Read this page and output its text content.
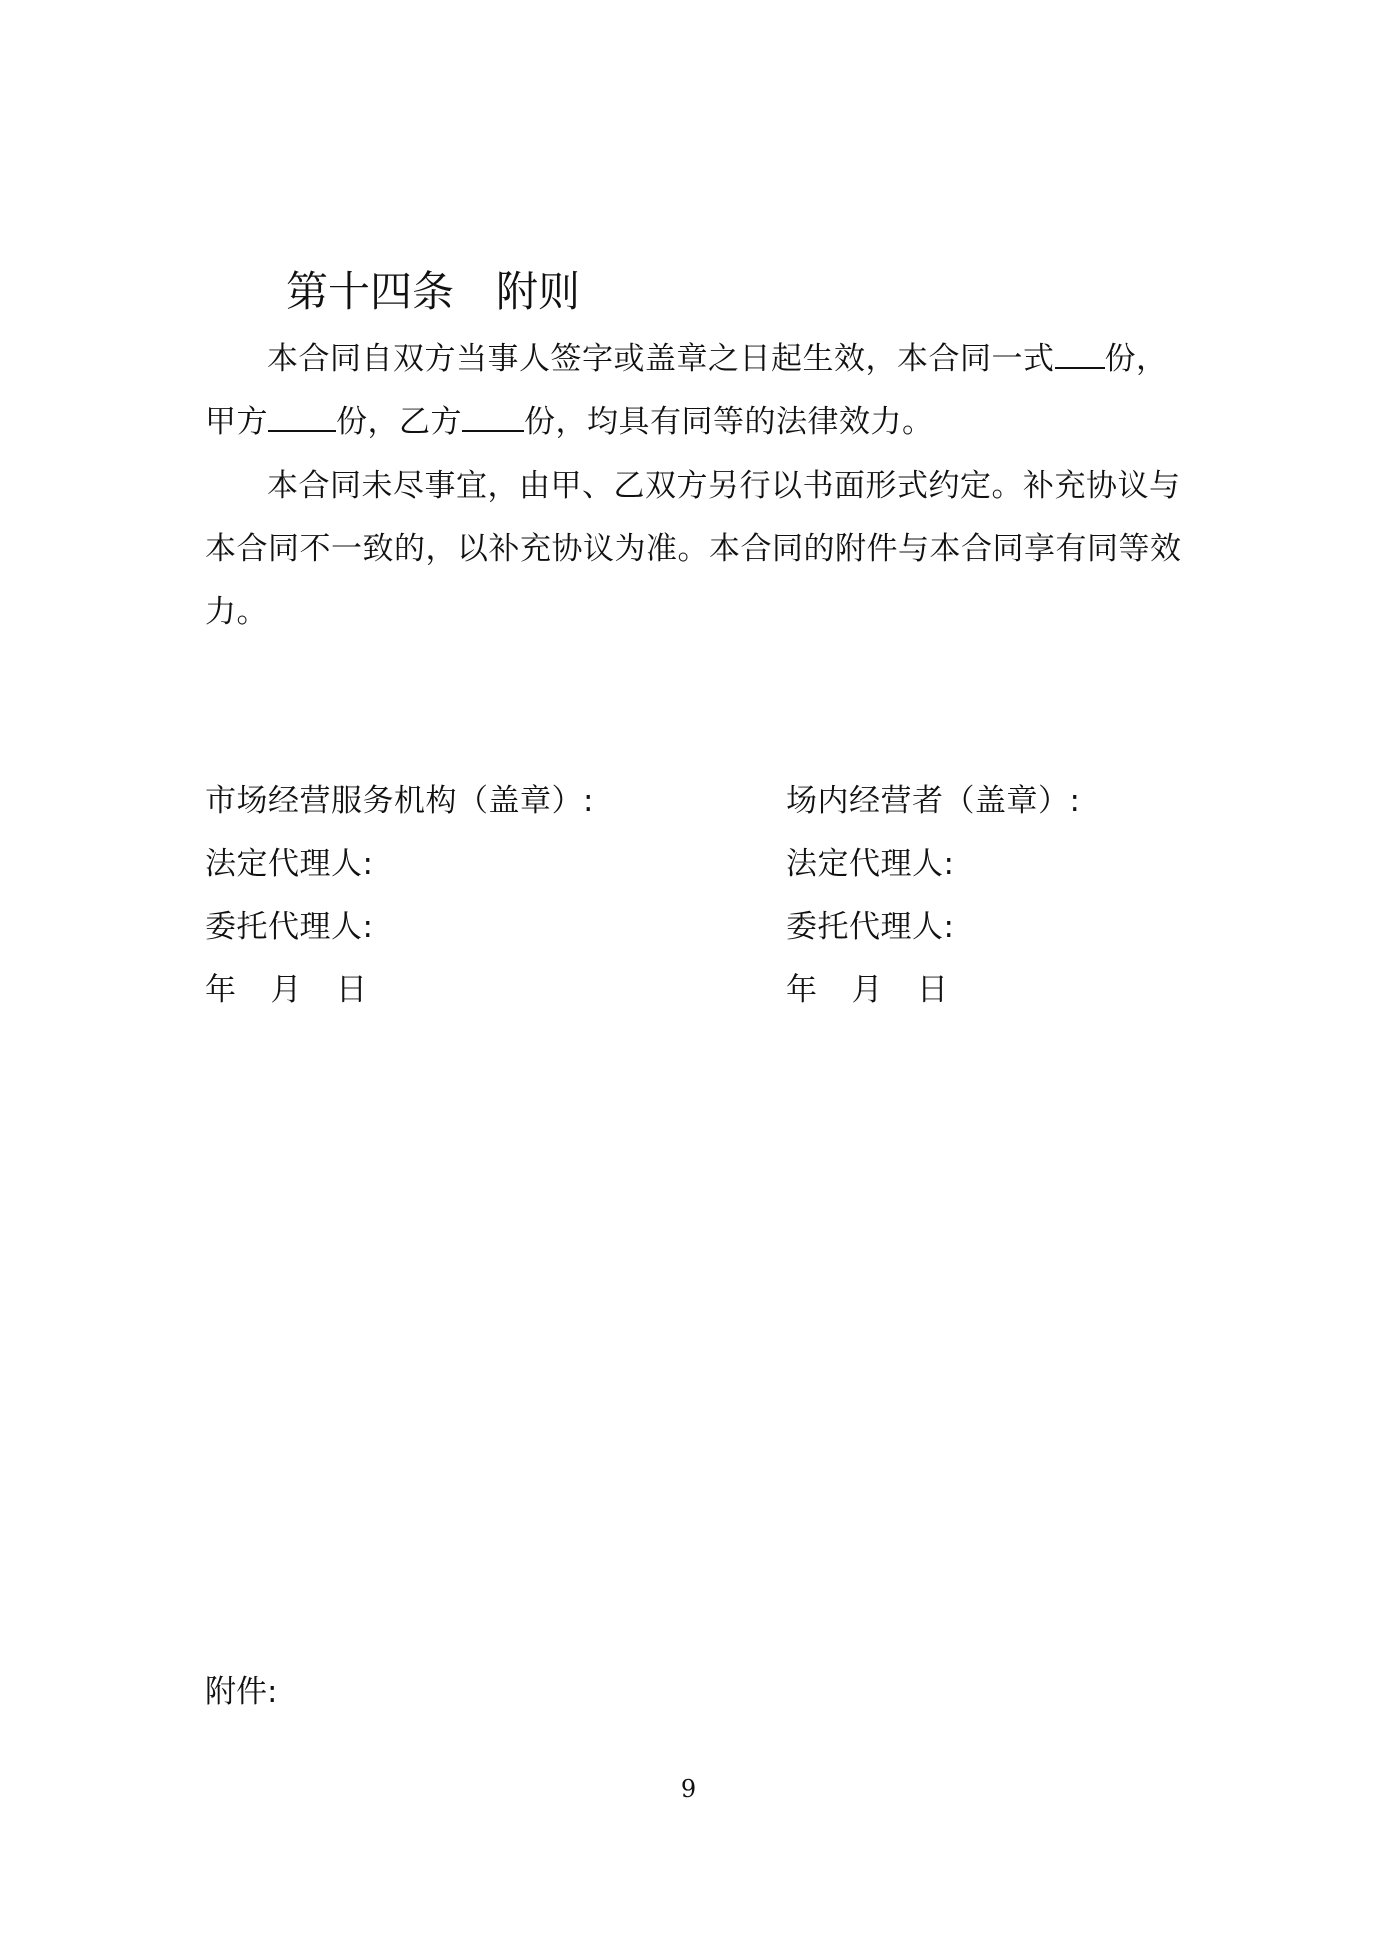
第十四条 附则

本合同自双方当事人签字或盖章之日起生效，本合同一式 份，甲方 份，乙方 份，均具有同等的法律效力。

本合同未尽事宜，由甲、乙双方另行以书面形式约定。补充协议与本合同不一致的，以补充协议为准。本合同的附件与本合同享有同等效力。

市场经营服务机构（盖章）:
法定代理人:
委托代理人:
年 月 日
场内经营者（盖章）:
法定代理人:
委托代理人:
年 月 日
附件:
9
